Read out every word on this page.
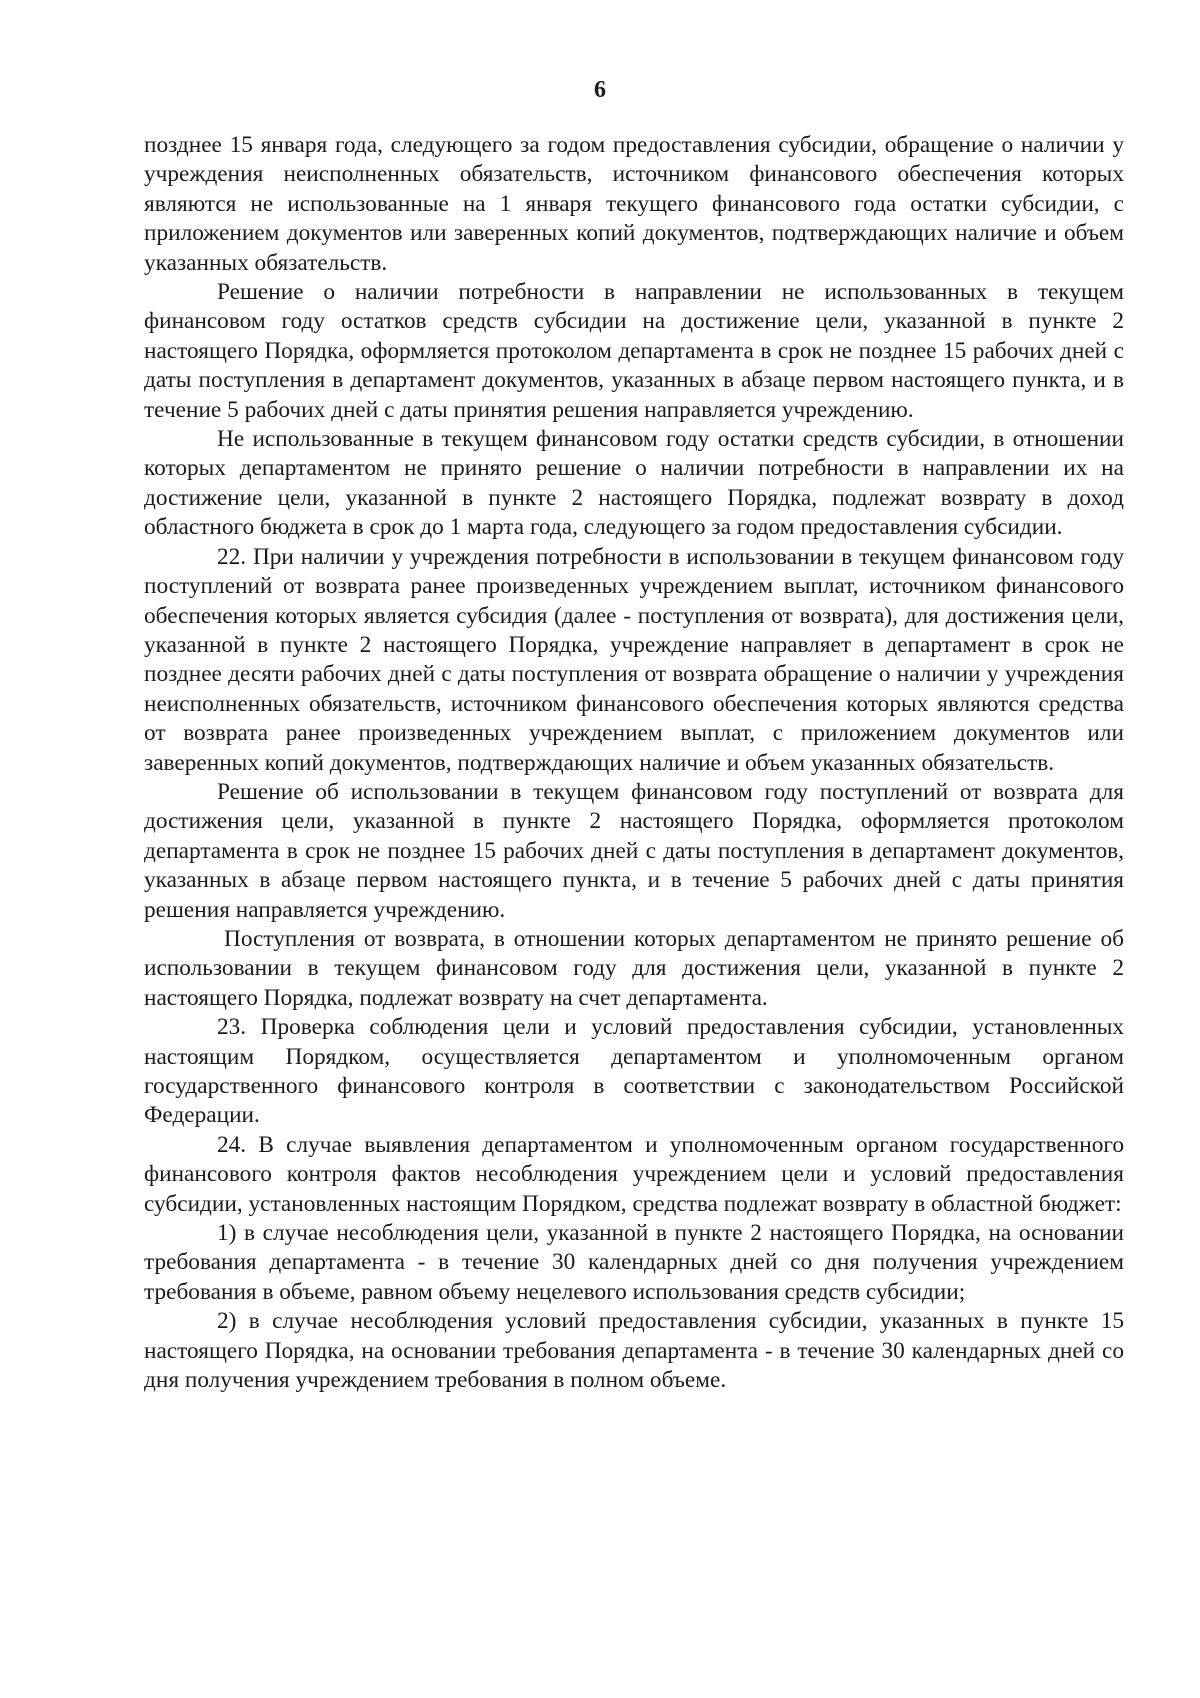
6

позднее 15 января года, следующего за годом предоставления субсидии, обращение о наличии у учреждения неисполненных обязательств, источником финансового обеспечения которых являются не использованные на 1 января текущего финансового года остатки субсидии, с приложением документов или заверенных копий документов, подтверждающих наличие и объем указанных обязательств.

Решение о наличии потребности в направлении не использованных в текущем финансовом году остатков средств субсидии на достижение цели, указанной в пункте 2 настоящего Порядка, оформляется протоколом департамента в срок не позднее 15 рабочих дней с даты поступления в департамент документов, указанных в абзаце первом настоящего пункта, и в течение 5 рабочих дней с даты принятия решения направляется учреждению.

Не использованные в текущем финансовом году остатки средств субсидии, в отношении которых департаментом не принято решение о наличии потребности в направлении их на достижение цели, указанной в пункте 2 настоящего Порядка, подлежат возврату в доход областного бюджета в срок до 1 марта года, следующего за годом предоставления субсидии.

22. При наличии у учреждения потребности в использовании в текущем финансовом году поступлений от возврата ранее произведенных учреждением выплат, источником финансового обеспечения которых является субсидия (далее - поступления от возврата), для достижения цели, указанной в пункте 2 настоящего Порядка, учреждение направляет в департамент в срок не позднее десяти рабочих дней с даты поступления от возврата обращение о наличии у учреждения неисполненных обязательств, источником финансового обеспечения которых являются средства от возврата ранее произведенных учреждением выплат, с приложением документов или заверенных копий документов, подтверждающих наличие и объем указанных обязательств.

Решение об использовании в текущем финансовом году поступлений от возврата для достижения цели, указанной в пункте 2 настоящего Порядка, оформляется протоколом департамента в срок не позднее 15 рабочих дней с даты поступления в департамент документов, указанных в абзаце первом настоящего пункта, и в течение 5 рабочих дней с даты принятия решения направляется учреждению.

Поступления от возврата, в отношении которых департаментом не принято решение об использовании в текущем финансовом году для достижения цели, указанной в пункте 2 настоящего Порядка, подлежат возврату на счет департамента.

23. Проверка соблюдения цели и условий предоставления субсидии, установленных настоящим Порядком, осуществляется департаментом и уполномоченным органом государственного финансового контроля в соответствии с законодательством Российской Федерации.

24. В случае выявления департаментом и уполномоченным органом государственного финансового контроля фактов несоблюдения учреждением цели и условий предоставления субсидии, установленных настоящим Порядком, средства подлежат возврату в областной бюджет:

1) в случае несоблюдения цели, указанной в пункте 2 настоящего Порядка, на основании требования департамента - в течение 30 календарных дней со дня получения учреждением требования в объеме, равном объему нецелевого использования средств субсидии;

2) в случае несоблюдения условий предоставления субсидии, указанных в пункте 15 настоящего Порядка, на основании требования департамента - в течение 30 календарных дней со дня получения учреждением требования в полном объеме.
